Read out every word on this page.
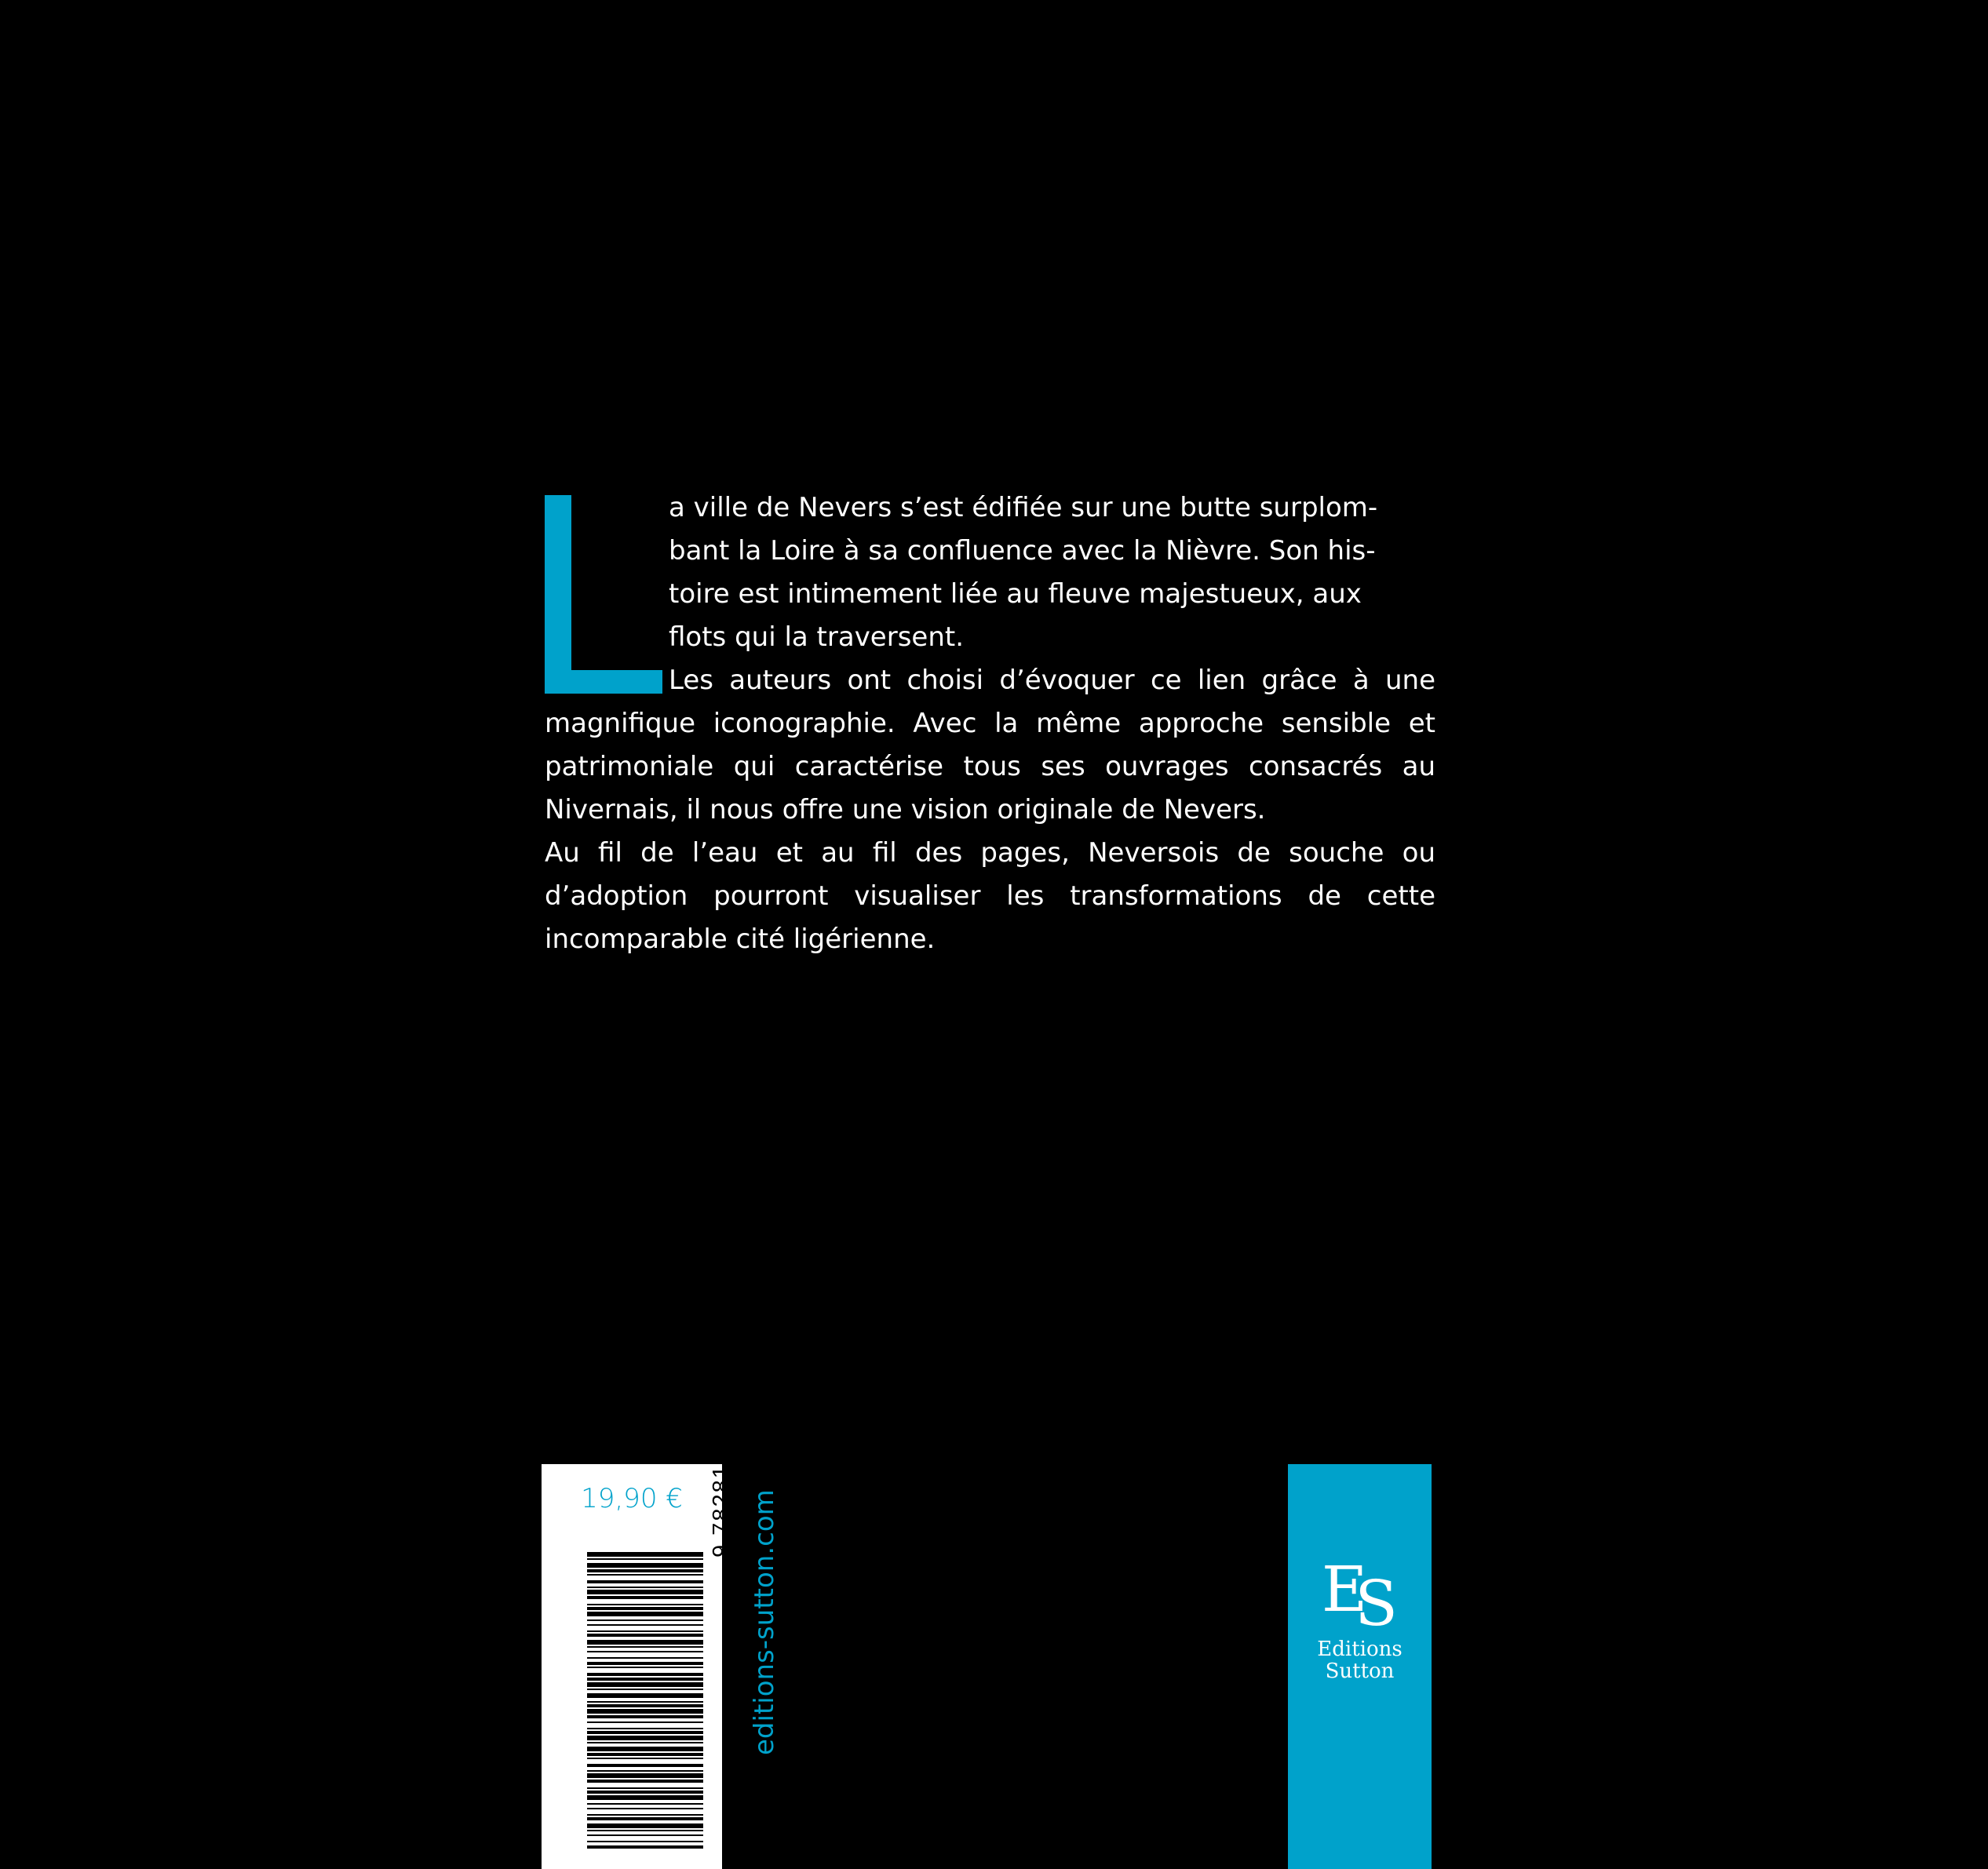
a ville de Nevers s’est édifiée sur une butte surplom-
bant la Loire à sa confluence avec la Nièvre. Son his-
toire est intimement liée au fleuve majestueux, aux
flots qui la traversent.

Les auteurs ont choisi d’évoquer ce lien grâce à une magnifique iconographie. Avec la même approche sensible et patrimoniale qui caractérise tous ses ouvrages consacrés au Nivernais, il nous offre une vision originale de Nevers.

Au fil de l’eau et au fil des pages, Neversois de souche ou d’adoption pourront visualiser les transformations de cette incomparable cité ligérienne.

19,90 €
ISBN 978-2813812827	9 782813 812827
editions-sutton.com	ES
Editions
Sutton
